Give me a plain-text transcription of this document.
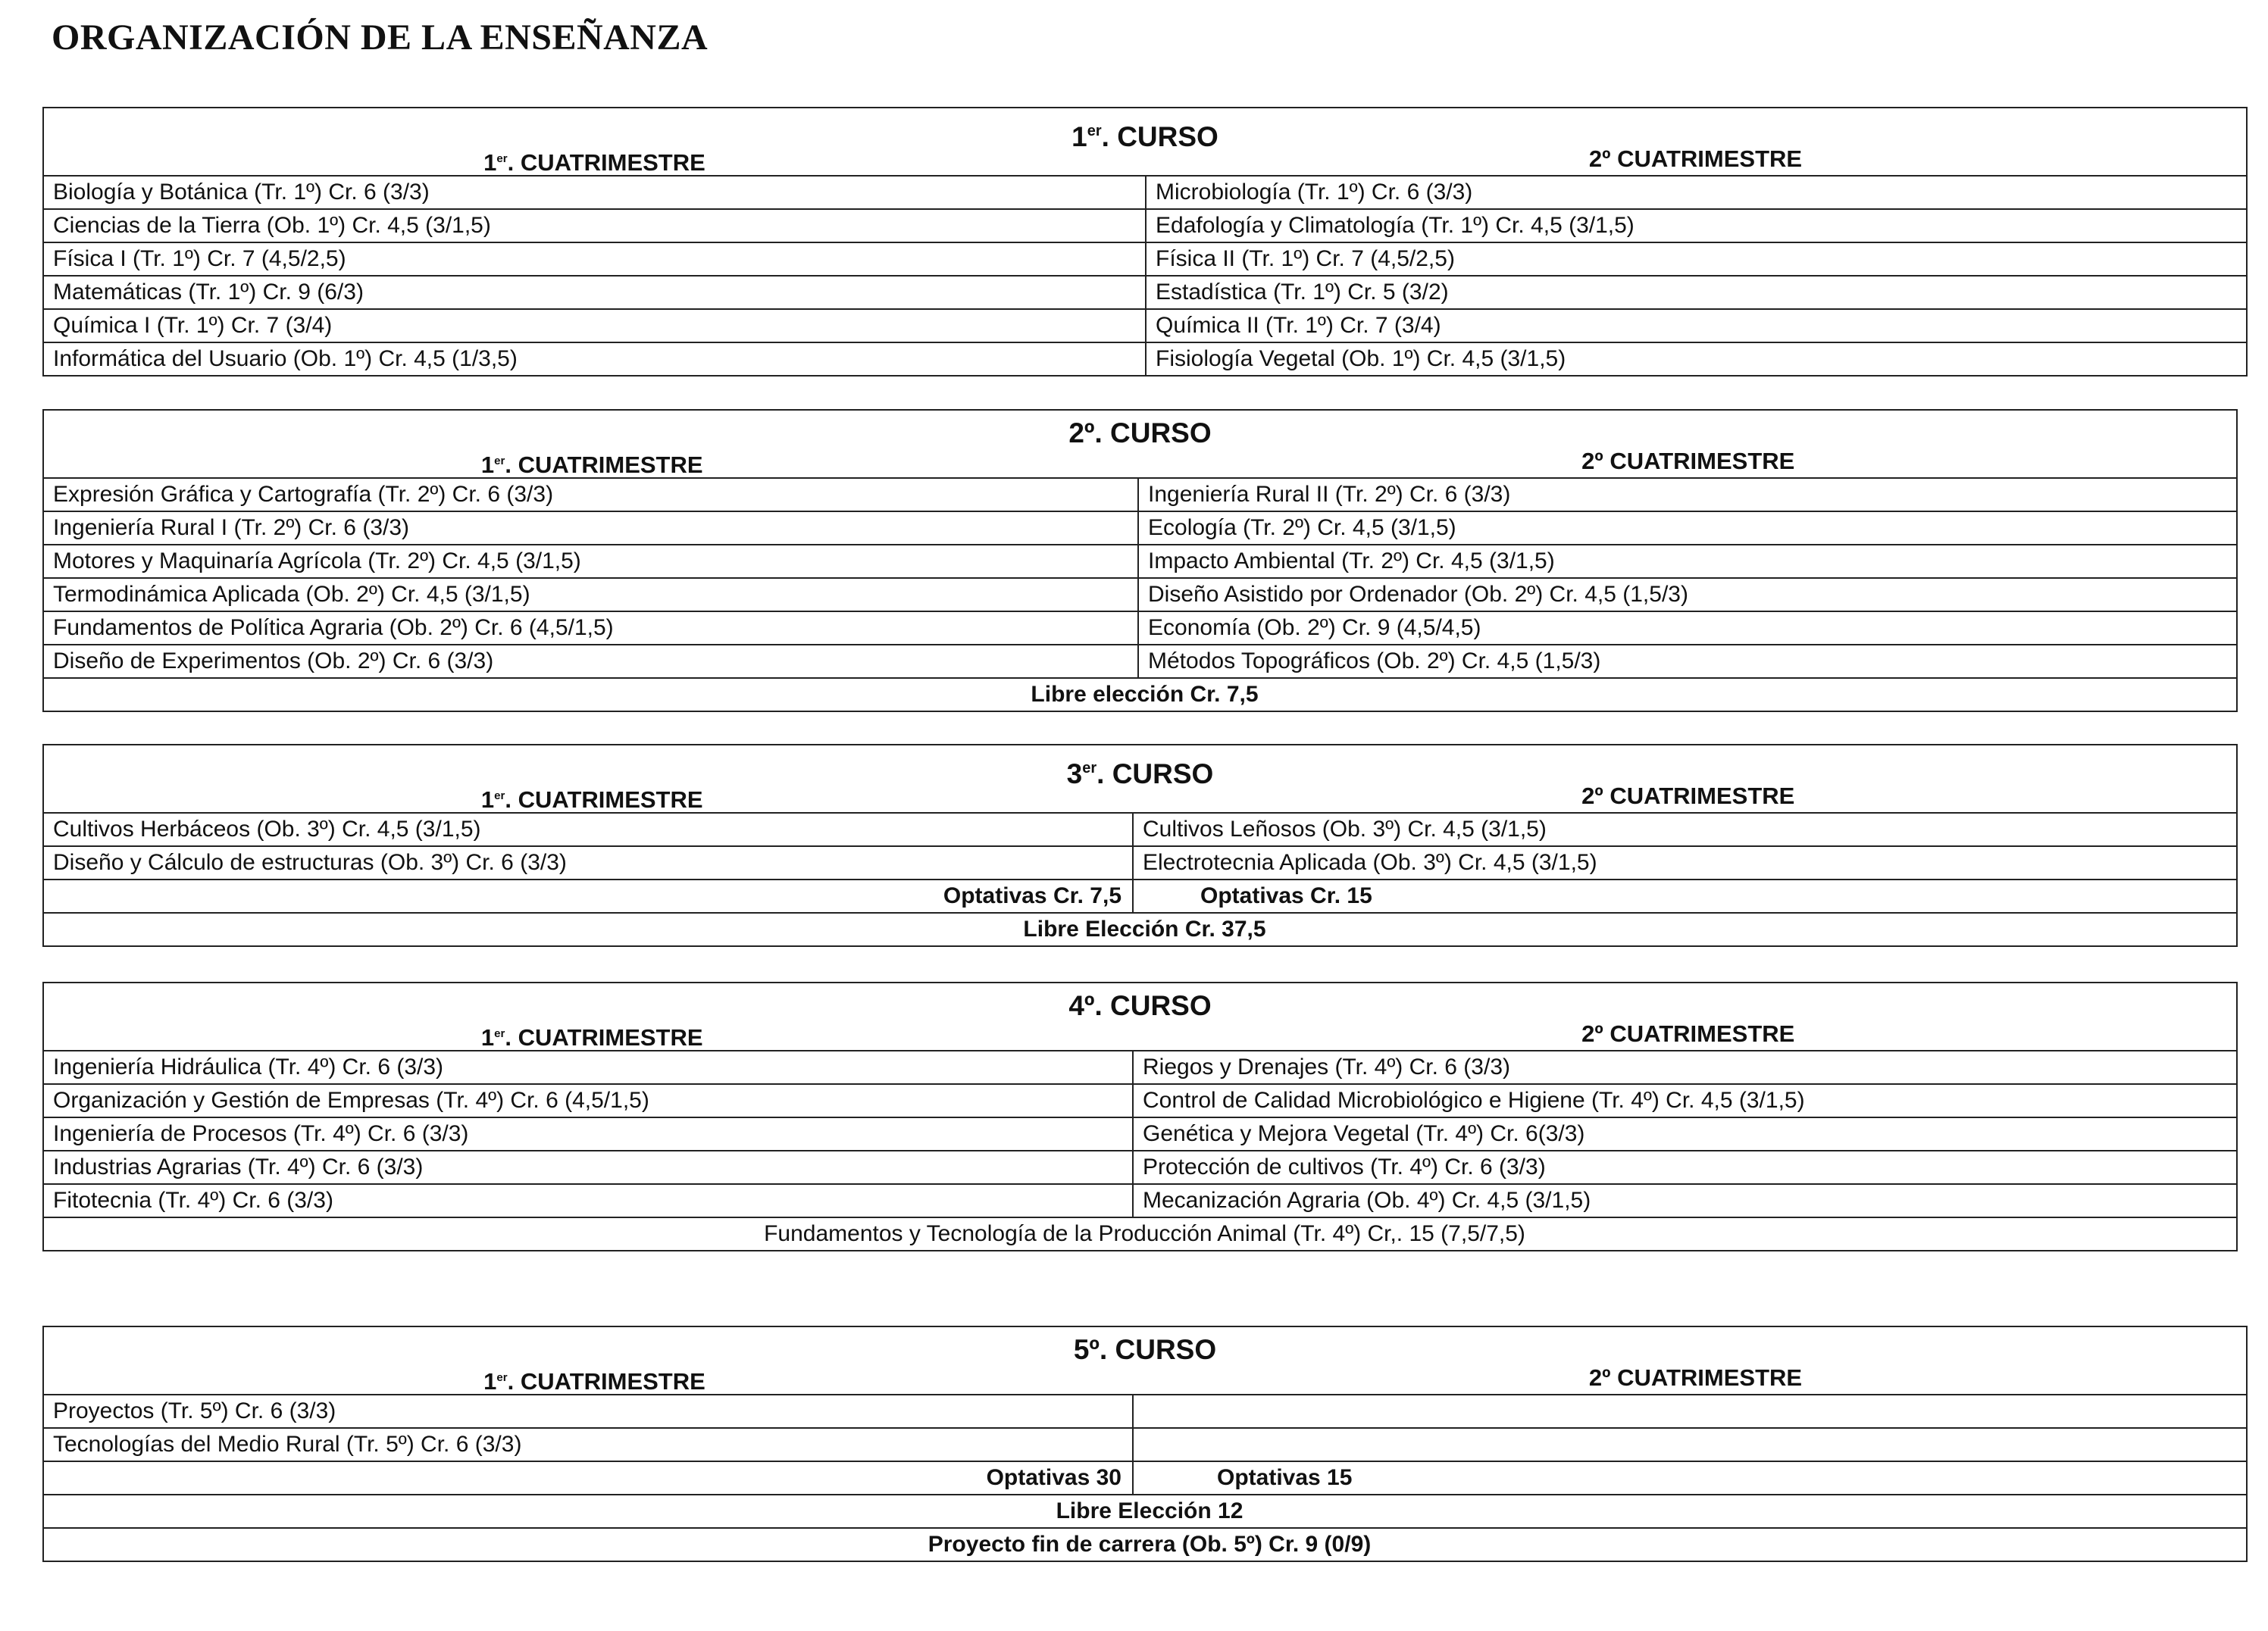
ORGANIZACIÓN DE LA ENSEÑANZA
1er. CURSO
1er. CUATRIMESTRE	2º CUATRIMESTRE
Biología y Botánica (Tr. 1º) Cr. 6 (3/3)	Microbiología (Tr. 1º) Cr. 6 (3/3)
Ciencias de la Tierra (Ob. 1º) Cr. 4,5 (3/1,5)	Edafología y Climatología (Tr. 1º) Cr. 4,5 (3/1,5)
Física I (Tr. 1º) Cr. 7 (4,5/2,5)	Física II (Tr. 1º) Cr. 7 (4,5/2,5)
Matemáticas (Tr. 1º) Cr. 9 (6/3)	Estadística (Tr. 1º) Cr. 5 (3/2)
Química I (Tr. 1º) Cr. 7 (3/4)	Química II (Tr. 1º) Cr. 7 (3/4)
Informática del Usuario (Ob. 1º) Cr. 4,5 (1/3,5)	Fisiología Vegetal (Ob. 1º) Cr. 4,5 (3/1,5)
2º. CURSO
1er. CUATRIMESTRE	2º CUATRIMESTRE
Expresión Gráfica y Cartografía (Tr. 2º) Cr. 6 (3/3)	Ingeniería Rural II (Tr. 2º) Cr. 6 (3/3)
Ingeniería Rural I (Tr. 2º) Cr. 6 (3/3)	Ecología (Tr. 2º) Cr. 4,5 (3/1,5)
Motores y Maquinaría Agrícola (Tr. 2º) Cr. 4,5 (3/1,5)	Impacto Ambiental (Tr. 2º) Cr. 4,5 (3/1,5)
Termodinámica Aplicada (Ob. 2º) Cr. 4,5 (3/1,5)	Diseño Asistido por Ordenador (Ob. 2º) Cr. 4,5 (1,5/3)
Fundamentos de Política Agraria (Ob. 2º) Cr. 6 (4,5/1,5)	Economía (Ob. 2º) Cr. 9 (4,5/4,5)
Diseño de Experimentos (Ob. 2º) Cr. 6 (3/3)	Métodos Topográficos (Ob. 2º) Cr. 4,5 (1,5/3)
Libre elección Cr. 7,5
3er. CURSO
1er. CUATRIMESTRE	2º CUATRIMESTRE
Cultivos Herbáceos (Ob. 3º) Cr. 4,5 (3/1,5)	Cultivos Leñosos (Ob. 3º) Cr. 4,5 (3/1,5)
Diseño y Cálculo de estructuras (Ob. 3º) Cr. 6 (3/3)	Electrotecnia Aplicada (Ob. 3º) Cr. 4,5 (3/1,5)
Optativas Cr. 7,5	Optativas Cr. 15
Libre Elección Cr. 37,5
4º. CURSO
1er. CUATRIMESTRE	2º CUATRIMESTRE
Ingeniería Hidráulica (Tr. 4º) Cr. 6 (3/3)	Riegos y Drenajes (Tr. 4º) Cr. 6 (3/3)
Organización y Gestión de Empresas (Tr. 4º) Cr. 6 (4,5/1,5)	Control de Calidad Microbiológico e Higiene (Tr. 4º) Cr. 4,5 (3/1,5)
Ingeniería de Procesos (Tr. 4º) Cr. 6 (3/3)	Genética y Mejora Vegetal (Tr. 4º) Cr. 6(3/3)
Industrias Agrarias (Tr. 4º) Cr. 6 (3/3)	Protección de cultivos (Tr. 4º) Cr. 6 (3/3)
Fitotecnia (Tr. 4º) Cr. 6 (3/3)	Mecanización Agraria (Ob. 4º) Cr. 4,5 (3/1,5)
Fundamentos y Tecnología de la Producción Animal (Tr. 4º) Cr,. 15 (7,5/7,5)
5º. CURSO
1er. CUATRIMESTRE	2º CUATRIMESTRE
Proyectos (Tr. 5º) Cr. 6 (3/3)
Tecnologías del Medio Rural (Tr. 5º) Cr. 6 (3/3)
Optativas 30	Optativas 15
Libre Elección 12
Proyecto fin de carrera (Ob. 5º) Cr. 9 (0/9)
